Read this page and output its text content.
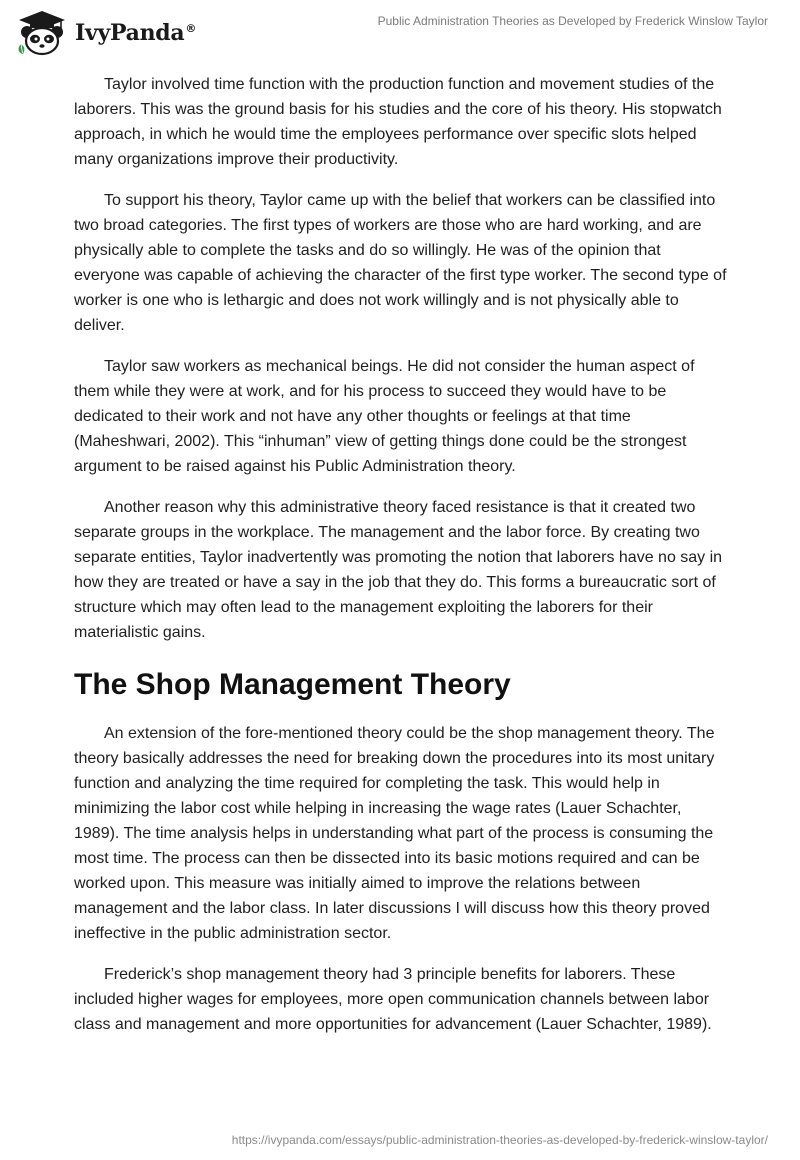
IvyPanda®
Public Administration Theories as Developed by Frederick Winslow Taylor

Taylor involved time function with the production function and movement studies of the laborers. This was the ground basis for his studies and the core of his theory. His stopwatch approach, in which he would time the employees performance over specific slots helped many organizations improve their productivity.

To support his theory, Taylor came up with the belief that workers can be classified into two broad categories. The first types of workers are those who are hard working, and are physically able to complete the tasks and do so willingly. He was of the opinion that everyone was capable of achieving the character of the first type worker. The second type of worker is one who is lethargic and does not work willingly and is not physically able to deliver.

Taylor saw workers as mechanical beings. He did not consider the human aspect of them while they were at work, and for his process to succeed they would have to be dedicated to their work and not have any other thoughts or feelings at that time (Maheshwari, 2002). This “inhuman” view of getting things done could be the strongest argument to be raised against his Public Administration theory.

Another reason why this administrative theory faced resistance is that it created two separate groups in the workplace. The management and the labor force. By creating two separate entities, Taylor inadvertently was promoting the notion that laborers have no say in how they are treated or have a say in the job that they do. This forms a bureaucratic sort of structure which may often lead to the management exploiting the laborers for their materialistic gains.

The Shop Management Theory

An extension of the fore-mentioned theory could be the shop management theory. The theory basically addresses the need for breaking down the procedures into its most unitary function and analyzing the time required for completing the task. This would help in minimizing the labor cost while helping in increasing the wage rates (Lauer Schachter, 1989). The time analysis helps in understanding what part of the process is consuming the most time. The process can then be dissected into its basic motions required and can be worked upon. This measure was initially aimed to improve the relations between management and the labor class. In later discussions I will discuss how this theory proved ineffective in the public administration sector.

Frederick’s shop management theory had 3 principle benefits for laborers. These included higher wages for employees, more open communication channels between labor class and management and more opportunities for advancement (Lauer Schachter, 1989).

https://ivypanda.com/essays/public-administration-theories-as-developed-by-frederick-winslow-taylor/
